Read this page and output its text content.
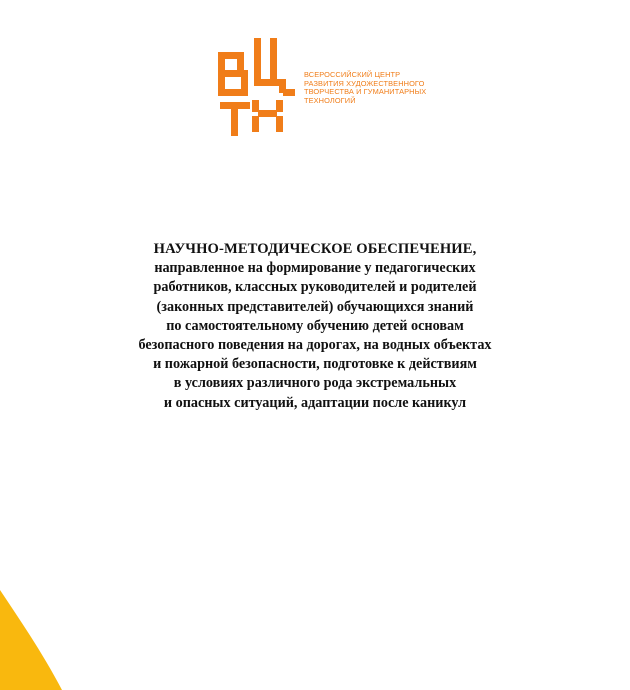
ВСЕРОССИЙСКИЙ ЦЕНТР
РАЗВИТИЯ ХУДОЖЕСТВЕННОГО
ТВОРЧЕСТВА И ГУМАНИТАРНЫХ
ТЕХНОЛОГИЙ
НАУЧНО-МЕТОДИЧЕСКОЕ ОБЕСПЕЧЕНИЕ,
направленное на формирование у педагогических
работников, классных руководителей и родителей
(законных представителей) обучающихся знаний
по самостоятельному обучению детей основам
безопасного поведения на дорогах, на водных объектах
и пожарной безопасности, подготовке к действиям
в условиях различного рода экстремальных
и опасных ситуаций, адаптации после каникул
